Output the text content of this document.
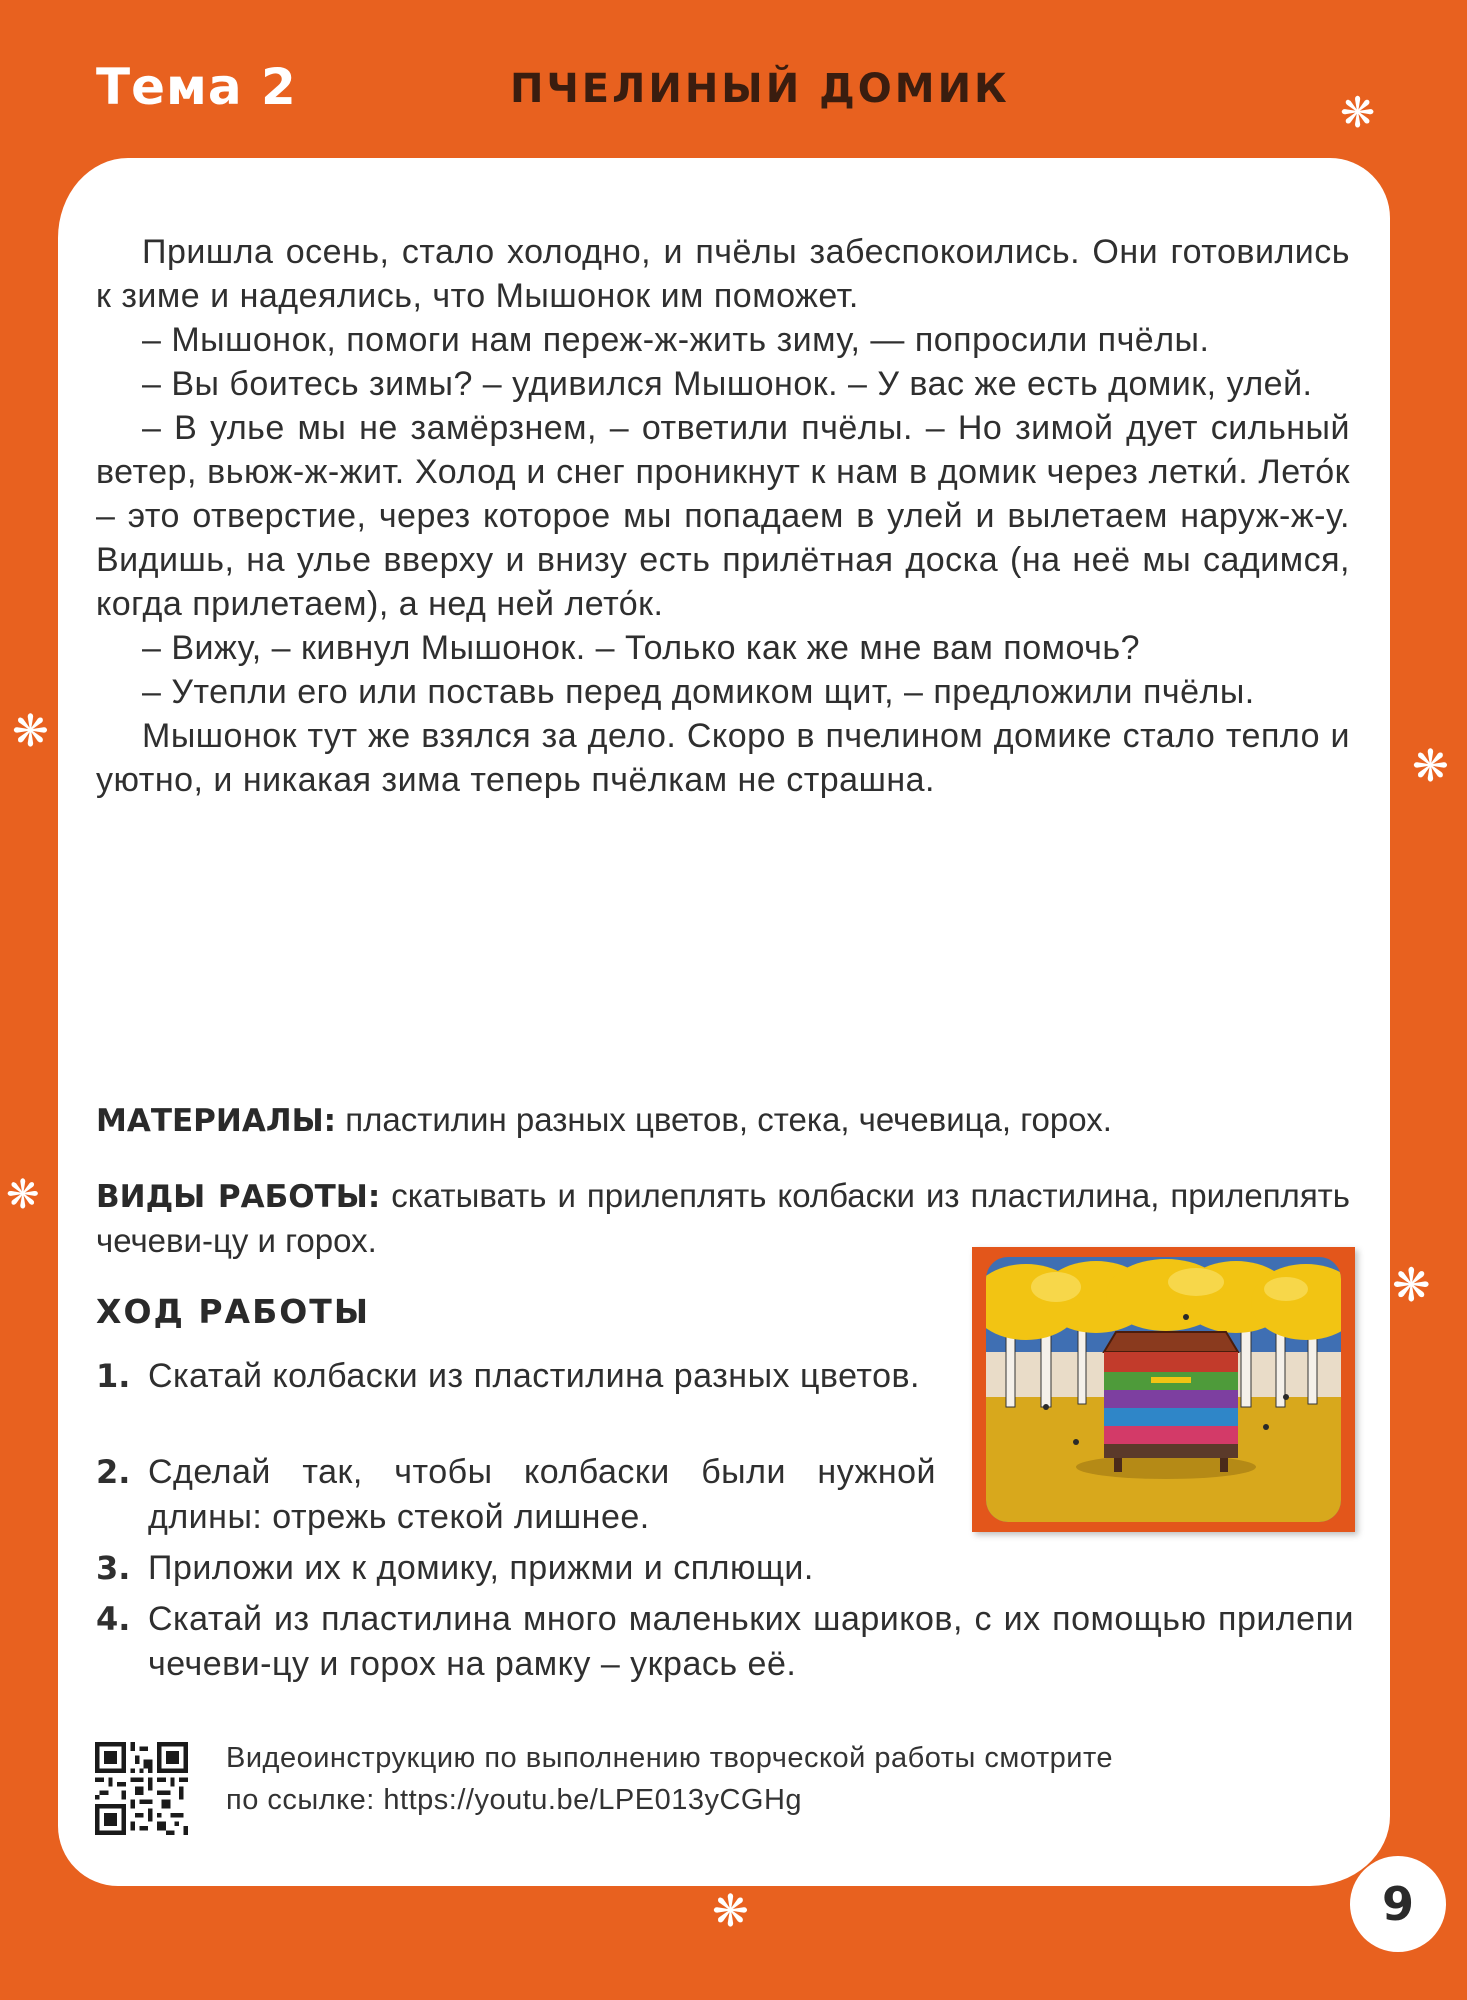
Тема 2	ПЧЕЛИНЫЙ ДОМИК	❋
❋
❋
❋
❋
❋

Пришла осень, стало холодно, и пчёлы забеспокоились. Они готовились к зиме и надеялись, что Мышонок им поможет.

– Мышонок, помоги нам переж-ж-жить зиму, — попросили пчёлы.

– Вы боитесь зимы? – удивился Мышонок. – У вас же есть домик, улей.

– В улье мы не замёрзнем, – ответили пчёлы. – Но зимой дует сильный ветер, вьюж-ж-жит. Холод и снег проникнут к нам в домик через летки́. Лето́к – это отверстие, через которое мы попадаем в улей и вылетаем наруж-ж-у. Видишь, на улье вверху и внизу есть прилётная доска (на неё мы садимся, когда прилетаем), а нед ней лето́к.

– Вижу, – кивнул Мышонок. – Только как же мне вам помочь?

– Утепли его или поставь перед домиком щит, – предложили пчёлы.

Мышонок тут же взялся за дело. Скоро в пчелином домике стало тепло и уютно, и никакая зима теперь пчёлкам не страшна.

МАТЕРИАЛЫ: пластилин разных цветов, стека, чечевица, горох.
ВИДЫ РАБОТЫ: скатывать и прилеплять колбаски из пластилина, прилеплять чечеви-цу и горох.
ХОД РАБОТЫ
1. Скатай колбаски из пластилина разных цветов.
2. Сделай так, чтобы колбаски были нужной длины: отрежь стекой лишнее.
3. Приложи их к домику, прижми и сплющи.
4. Скатай из пластилина много маленьких шариков, с их помощью прилепи чечеви-цу и горох на рамку – укрась её.
Видеоинструкцию по выполнению творческой работы смотрите
по ссылке: https://youtu.be/LPE013yCGHg
9
